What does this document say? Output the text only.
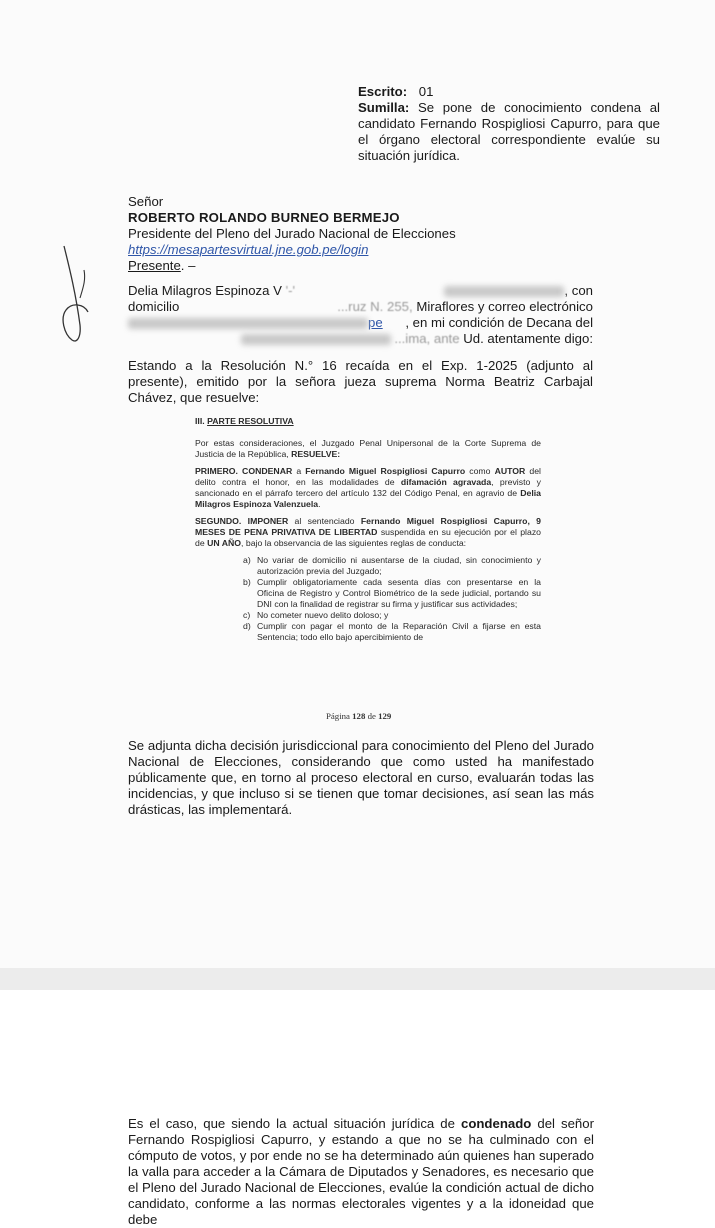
Escrito: 01
Sumilla: Se pone de conocimiento condena al candidato Fernando Rospigliosi Capurro, para que el órgano electoral correspondiente evalúe su situación jurídica.
Señor
ROBERTO ROLANDO BURNEO BERMEJO
Presidente del Pleno del Jurado Nacional de Elecciones
https://mesapartesvirtual.jne.gob.pe/login
Presente. –
Delia Milagros Espinoza V '-'	, con
domicilio	...ruz N. 255, Miraflores y correo electrónico
pe , en mi condición de Decana del
...ima, ante Ud. atentamente digo:

Estando a la Resolución N.° 16 recaída en el Exp. 1-2025 (adjunto al presente), emitido por la señora jueza suprema Norma Beatriz Carbajal Chávez, que resuelve:

III. PARTE RESOLUTIVA

Por estas consideraciones, el Juzgado Penal Unipersonal de la Corte Suprema de Justicia de la República, RESUELVE:

PRIMERO. CONDENAR a Fernando Miguel Rospigliosi Capurro como AUTOR del delito contra el honor, en las modalidades de difamación agravada, previsto y sancionado en el párrafo tercero del artículo 132 del Código Penal, en agravio de Delia Milagros Espinoza Valenzuela.

SEGUNDO. IMPONER al sentenciado Fernando Miguel Rospigliosi Capurro, 9 MESES DE PENA PRIVATIVA DE LIBERTAD suspendida en su ejecución por el plazo de UN AÑO, bajo la observancia de las siguientes reglas de conducta:

a) No variar de domicilio ni ausentarse de la ciudad, sin conocimiento y autorización previa del Juzgado;
b) Cumplir obligatoriamente cada sesenta días con presentarse en la Oficina de Registro y Control Biométrico de la sede judicial, portando su DNI con la finalidad de registrar su firma y justificar sus actividades;
c) No cometer nuevo delito doloso; y
d) Cumplir con pagar el monto de la Reparación Civil a fijarse en esta Sentencia; todo ello bajo apercibimiento de
Página 128 de 129

Se adjunta dicha decisión jurisdiccional para conocimiento del Pleno del Jurado Nacional de Elecciones, considerando que como usted ha manifestado públicamente que, en torno al proceso electoral en curso, evaluarán todas las incidencias, y que incluso si se tienen que tomar decisiones, así sean las más drásticas, las implementará.

Es el caso, que siendo la actual situación jurídica de condenado del señor Fernando Rospigliosi Capurro, y estando a que no se ha culminado con el cómputo de votos, y por ende no se ha determinado aún quienes han superado la valla para acceder a la Cámara de Diputados y Senadores, es necesario que el Pleno del Jurado Nacional de Elecciones, evalúe la condición actual de dicho candidato, conforme a las normas electorales vigentes y a la idoneidad que debe
